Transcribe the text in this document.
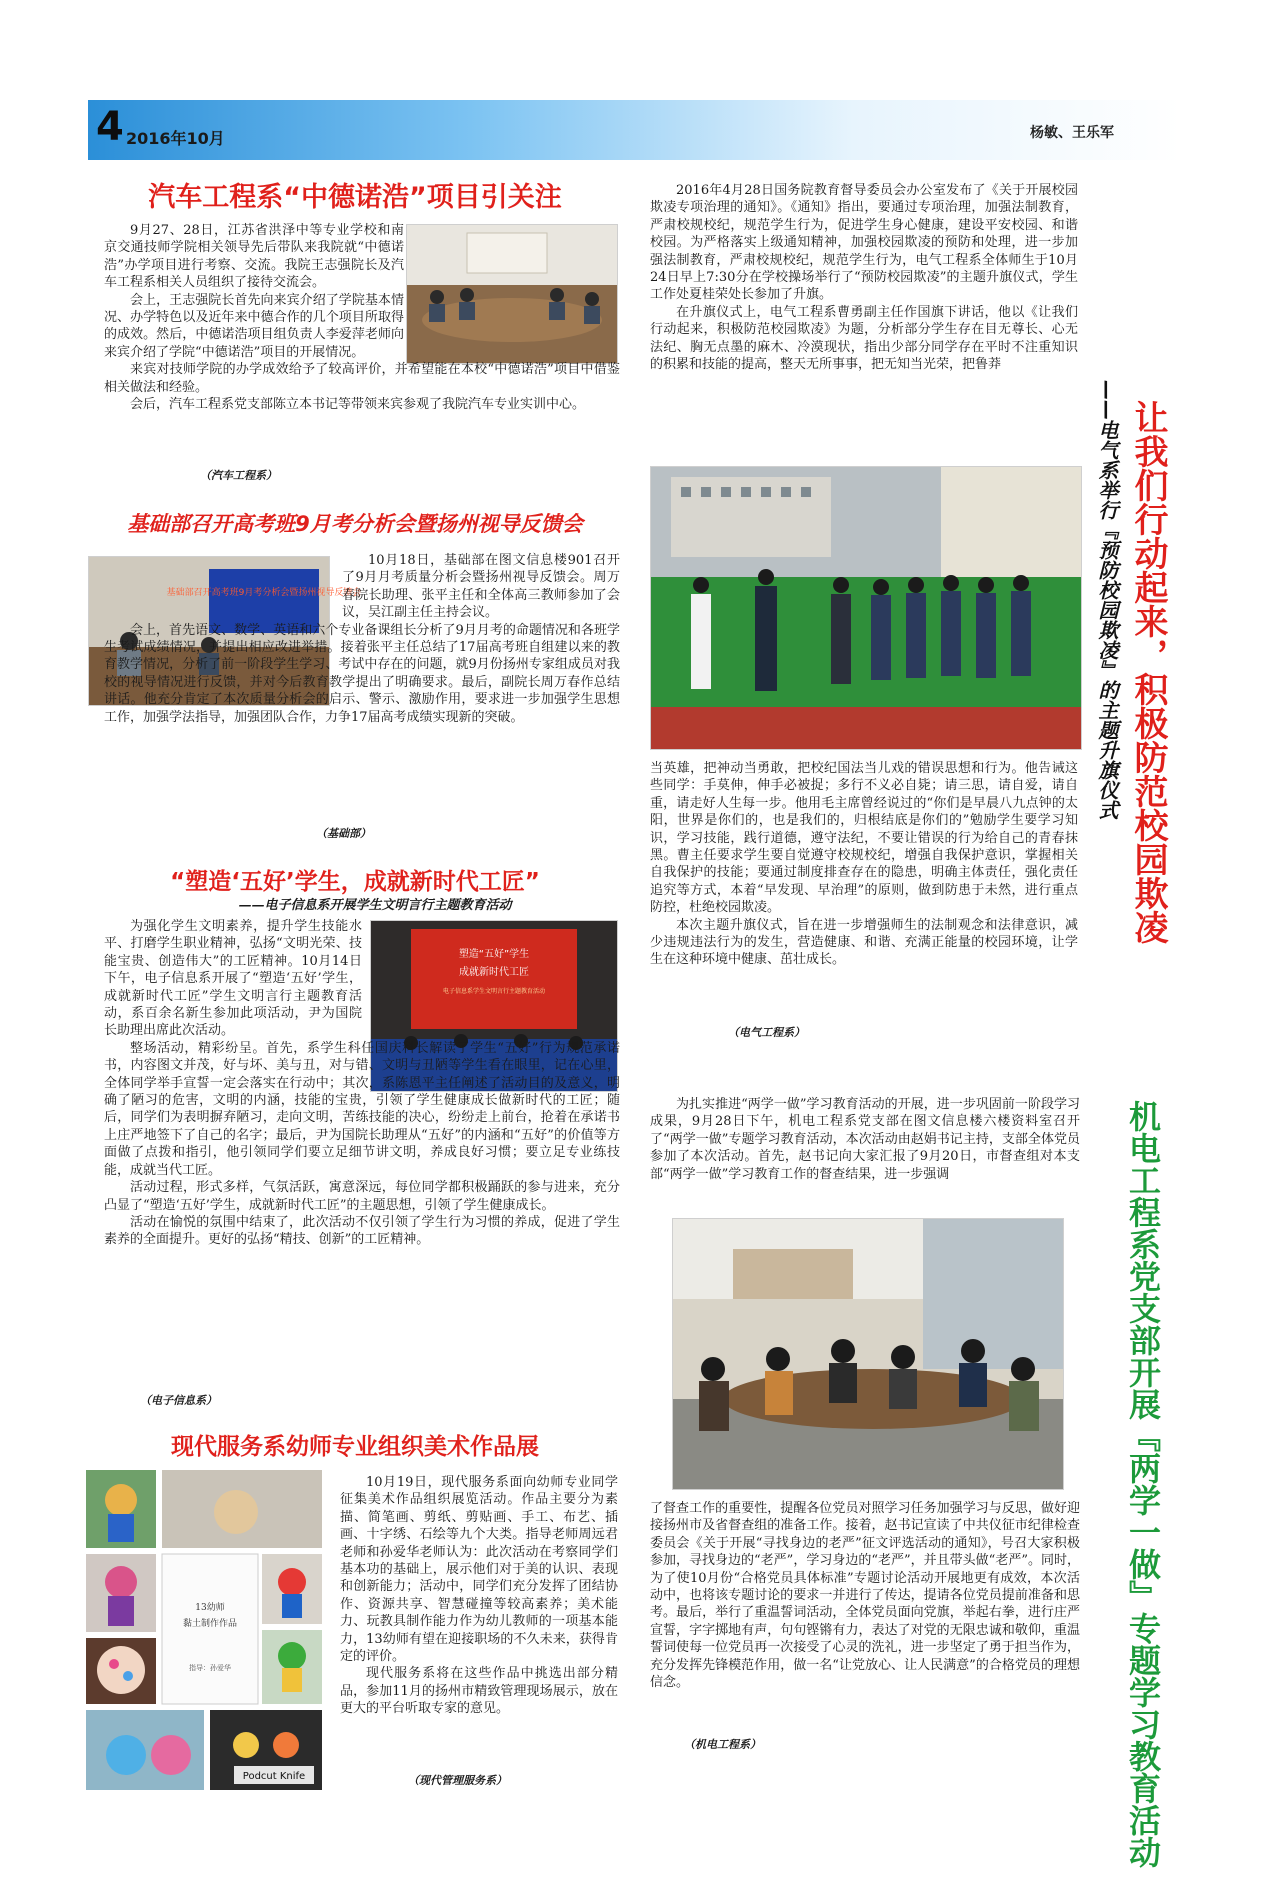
4 2016年10月	杨敏、王乐军
汽车工程系“中德诺浩”项目引关注

9月27、28日，江苏省洪泽中等专业学校和南京交通技师学院相关领导先后带队来我院就“中德诺浩”办学项目进行考察、交流。我院王志强院长及汽车工程系相关人员组织了接待交流会。

会上，王志强院长首先向来宾介绍了学院基本情况、办学特色以及近年来中德合作的几个项目所取得的成效。然后，中德诺浩项目组负责人李爱萍老师向来宾介绍了学院“中德诺浩”项目的开展情况。

来宾对技师学院的办学成效给予了较高评价，并希望能在本校“中德诺浩”项目中借鉴相关做法和经验。

会后，汽车工程系党支部陈立本书记等带领来宾参观了我院汽车专业实训中心。

（汽车工程系）
基础部召开高考班9月考分析会暨扬州视导反馈会
基础部召开高考班9月考分析会暨扬州视导反馈会

10月18日，基础部在图文信息楼901召开了9月月考质量分析会暨扬州视导反馈会。周万春院长助理、张平主任和全体高三教师参加了会议，吴江副主任主持会议。

会上，首先语文、数学、英语和六个专业备课组长分析了9月月考的命题情况和各班学生考试成绩情况，并提出相应改进举措。接着张平主任总结了17届高考班自组建以来的教育教学情况，分析了前一阶段学生学习、考试中存在的问题，就9月份扬州专家组成员对我校的视导情况进行反馈，并对今后教育教学提出了明确要求。最后，副院长周万春作总结讲话。他充分肯定了本次质量分析会的启示、警示、激励作用，要求进一步加强学生思想工作，加强学法指导，加强团队合作，力争17届高考成绩实现新的突破。

（基础部）
“塑造‘五好’学生，成就新时代工匠”
——电子信息系开展学生文明言行主题教育活动
塑造“五好”学生
成就新时代工匠
电子信息系学生文明言行主题教育活动

为强化学生文明素养，提升学生技能水平、打磨学生职业精神，弘扬“文明光荣、技能宝贵、创造伟大”的工匠精神。10月14日下午，电子信息系开展了“塑造‘五好’学生，成就新时代工匠”学生文明言行主题教育活动，系百余名新生参加此项活动，尹为国院长助理出席此次活动。

整场活动，精彩纷呈。首先，系学生科任国庆科长解读了学生“五好”行为规范承诺书，内容图文并茂，好与坏、美与丑，对与错、文明与丑陋等学生看在眼里，记在心里，全体同学举手宣誓一定会落实在行动中；其次，系陈恩平主任阐述了活动目的及意义，明确了陋习的危害，文明的内涵，技能的宝贵，引领了学生健康成长做新时代的工匠；随后，同学们为表明摒弃陋习，走向文明，苦练技能的决心，纷纷走上前台，抢着在承诺书上庄严地签下了自己的名字；最后，尹为国院长助理从“五好”的内涵和“五好”的价值等方面做了点拨和指引，他引领同学们要立足细节讲文明，养成良好习惯；要立足专业练技能，成就当代工匠。

活动过程，形式多样，气氛活跃，寓意深远，每位同学都积极踊跃的参与进来，充分凸显了“塑造‘五好’学生，成就新时代工匠”的主题思想，引领了学生健康成长。

活动在愉悦的氛围中结束了，此次活动不仅引领了学生行为习惯的养成，促进了学生素养的全面提升。更好的弘扬“精技、创新”的工匠精神。

（电子信息系）
现代服务系幼师专业组织美术作品展
13幼师
黏土制作作品
指导：孙爱华
Podcut Knife

10月19日，现代服务系面向幼师专业同学征集美术作品组织展览活动。作品主要分为素描、简笔画、剪纸、剪贴画、手工、布艺、插画、十字绣、石绘等九个大类。指导老师周远君老师和孙爱华老师认为：此次活动在考察同学们基本功的基础上，展示他们对于美的认识、表现和创新能力；活动中，同学们充分发挥了团结协作、资源共享、智慧碰撞等较高素养；美术能力、玩教具制作能力作为幼儿教师的一项基本能力，13幼师有望在迎接职场的不久未来，获得肯定的评价。

现代服务系将在这些作品中挑选出部分精品，参加11月的扬州市精致管理现场展示，放在更大的平台听取专家的意见。

（现代管理服务系）

2016年4月28日国务院教育督导委员会办公室发布了《关于开展校园欺凌专项治理的通知》。《通知》指出，要通过专项治理，加强法制教育，严肃校规校纪，规范学生行为，促进学生身心健康，建设平安校园、和谐校园。为严格落实上级通知精神，加强校园欺凌的预防和处理，进一步加强法制教育，严肃校规校纪，规范学生行为，电气工程系全体师生于10月24日早上7:30分在学校操场举行了“预防校园欺凌”的主题升旗仪式，学生工作处夏桂荣处长参加了升旗。

在升旗仪式上，电气工程系曹勇副主任作国旗下讲话，他以《让我们行动起来，积极防范校园欺凌》为题，分析部分学生存在目无尊长、心无法纪、胸无点墨的麻木、冷漠现状，指出少部分同学存在平时不注重知识的积累和技能的提高，整天无所事事，把无知当光荣，把鲁莽

当英雄，把神动当勇敢，把校纪国法当儿戏的错误思想和行为。他告诫这些同学：手莫伸，伸手必被捉；多行不义必自毙；请三思，请自爱，请自重，请走好人生每一步。他用毛主席曾经说过的“你们是早晨八九点钟的太阳，世界是你们的，也是我们的，归根结底是你们的”勉励学生要学习知识，学习技能，践行道德，遵守法纪，不要让错误的行为给自己的青春抹黑。曹主任要求学生要自觉遵守校规校纪，增强自我保护意识，掌握相关自我保护的技能；要通过制度排查存在的隐患，明确主体责任，强化责任追究等方式，本着“早发现、早治理”的原则，做到防患于未然，进行重点防控，杜绝校园欺凌。

本次主题升旗仪式，旨在进一步增强师生的法制观念和法律意识，减少违规违法行为的发生，营造健康、和谐、充满正能量的校园环境，让学生在这种环境中健康、茁壮成长。

（电气工程系）
让我们行动起来，积极防范校园欺凌
——电气系举行『预防校园欺凌』的主题升旗仪式

为扎实推进“两学一做”学习教育活动的开展，进一步巩固前一阶段学习成果，9月28日下午，机电工程系党支部在图文信息楼六楼资料室召开了“两学一做”专题学习教育活动，本次活动由赵娟书记主持，支部全体党员参加了本次活动。首先，赵书记向大家汇报了9月20日，市督查组对本支部“两学一做”学习教育工作的督查结果，进一步强调

了督查工作的重要性，提醒各位党员对照学习任务加强学习与反思，做好迎接扬州市及省督查组的准备工作。接着，赵书记宣读了中共仪征市纪律检查委员会《关于开展“寻找身边的老严”征文评选活动的通知》，号召大家积极参加，寻找身边的“老严”，学习身边的“老严”，并且带头做“老严”。同时，为了使10月份“合格党员具体标准”专题讨论活动开展地更有成效，本次活动中，也将该专题讨论的要求一并进行了传达，提请各位党员提前准备和思考。最后，举行了重温誓词活动，全体党员面向党旗，举起右拳，进行庄严宣誓，字字掷地有声，句句铿锵有力，表达了对党的无限忠诚和敬仰，重温誓词使每一位党员再一次接受了心灵的洗礼，进一步坚定了勇于担当作为，充分发挥先锋模范作用，做一名“让党放心、让人民满意”的合格党员的理想信念。

（机电工程系）	机电工程系党支部开展『两学一做』专题学习教育活动
